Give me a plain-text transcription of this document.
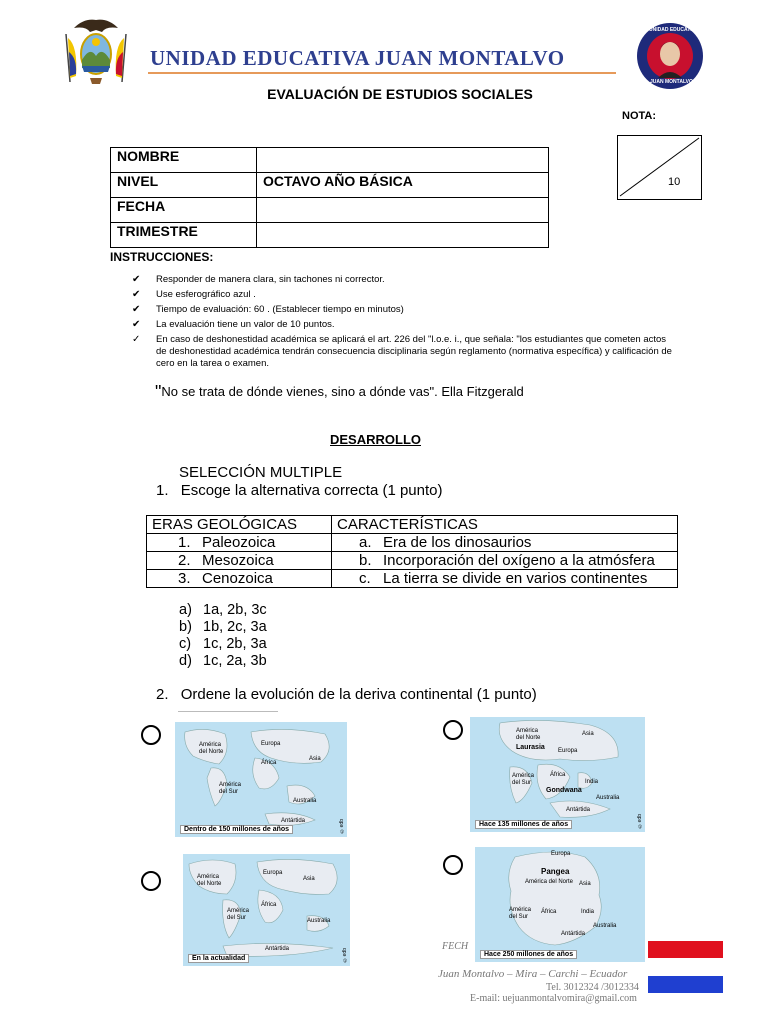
UNIDAD EDUCATIVA JUAN MONTALVO
UNIDAD EDUCATIVA
JUAN MONTALVO
EVALUACIÓN DE ESTUDIOS SOCIALES
NOTA:
10
NOMBRE	
NIVEL	OCTAVO AÑO BÁSICA
FECHA	
TRIMESTRE	
INSTRUCCIONES:
✔ Responder de manera clara, sin tachones ni corrector.
✔ Use esferográfico azul .
✔ Tiempo de evaluación: 60 . (Establecer tiempo en minutos)
✔ La evaluación tiene un valor de 10 puntos.
✓ En caso de deshonestidad académica se aplicará el art. 226 del "l.o.e. i., que señala: "los estudiantes que cometen actos de deshonestidad académica tendrán consecuencia disciplinaria según reglamento (normativa específica) y calificación de cero en la tarea o examen.
"No se trata de dónde vienes, sino a dónde vas". Ella Fitzgerald
DESARROLLO
SELECCIÓN MULTIPLE
1. Escoge la alternativa correcta (1 punto)
ERAS GEOLÓGICAS	CARACTERÍSTICAS
1. Paleozoica	a. Era de los dinosaurios
2. Mesozoica	b. Incorporación del oxígeno a la atmósfera
3. Cenozoica	c. La tierra se divide en varios continentes
a) 1a, 2b, 3c
b) 1b, 2c, 3a
c) 1c, 2b, 3a
d) 1c, 2a, 3b
2. Ordene la evolución de la deriva continental (1 punto)
América del Norte
Europa
Asia
África
América del Sur
Australia
Antártida
Dentro de 150 millones de años	©edb
América del Norte
Laurasia Europa
Asia
América del Sur
África
India
Gondwana
Australia
Antártida
Hace 135 millones de años	©edb
América del Norte
Europa
Asia
África
América del Sur	Australia
Antártida
En la actualidad	©edb
Europa
Pangea
América del Norte Asia
América del Sur
África	India
Australia
Antártida
Hace 250 millones de años
FECH
Juan Montalvo – Mira – Carchi – Ecuador
Tel. 3012324 /3012334
E-mail: uejuanmontalvomira@gmail.com
